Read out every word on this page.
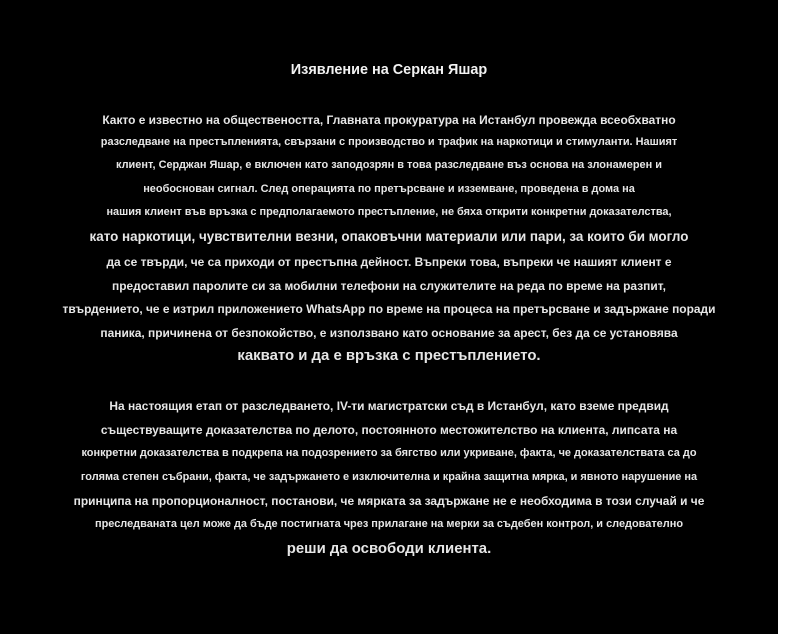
Изявление на Серкан Яшар
Както е известно на обществеността, Главната прокуратура на Истанбул провежда всеобхватно
разследване на престъпленията, свързани с производство и трафик на наркотици и стимуланти. Нашият
клиент, Серджан Яшар, е включен като заподозрян в това разследване въз основа на злонамерен и
необоснован сигнал. След операцията по претърсване и изземване, проведена в дома на
нашия клиент във връзка с предполагаемото престъпление, не бяха открити конкретни доказателства,
като наркотици, чувствителни везни, опаковъчни материали или пари, за които би могло
да се твърди, че са приходи от престъпна дейност. Въпреки това, въпреки че нашият клиент е
предоставил паролите си за мобилни телефони на служителите на реда по време на разпит,
твърдението, че е изтрил приложението WhatsApp по време на процеса на претърсване и задържане поради
паника, причинена от безпокойство, е използвано като основание за арест, без да се установява
каквато и да е връзка с престъплението.
На настоящия етап от разследването, IV-ти магистратски съд в Истанбул, като вземе предвид
съществуващите доказателства по делото, постоянното местожителство на клиента, липсата на
конкретни доказателства в подкрепа на подозрението за бягство или укриване, факта, че доказателствата са до
голяма степен събрани, факта, че задържането е изключителна и крайна защитна мярка, и явното нарушение на
принципа на пропорционалност, постанови, че мярката за задържане не е необходима в този случай и че
преследваната цел може да бъде постигната чрез прилагане на мерки за съдебен контрол, и следователно
реши да освободи клиента.
